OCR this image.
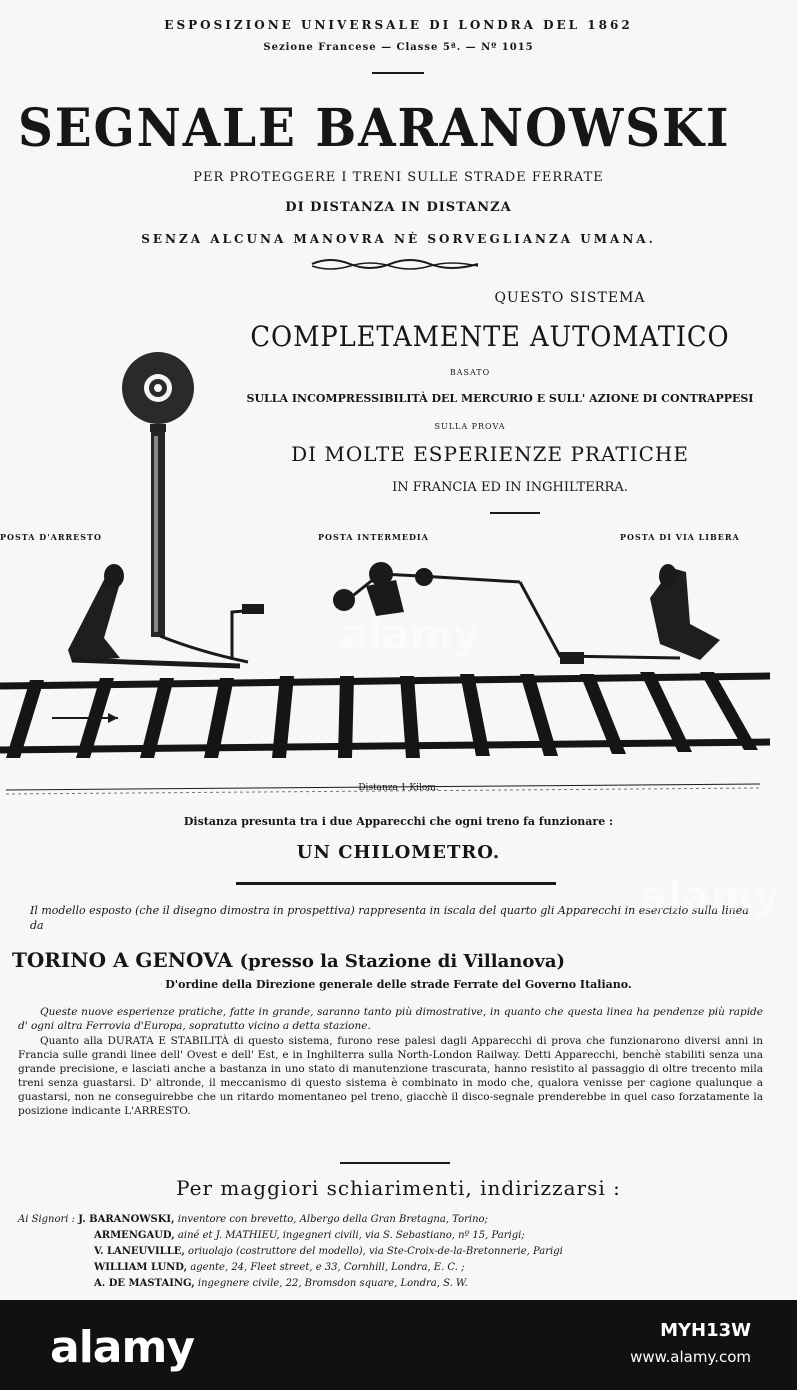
ESPOSIZIONE UNIVERSALE DI LONDRA DEL 1862
Sezione Francese — Classe 5ª. — Nº 1015
SEGNALE BARANOWSKI
PER PROTEGGERE I TRENI SULLE STRADE FERRATE
DI DISTANZA IN DISTANZA
SENZA ALCUNA MANOVRA NÈ SORVEGLIANZA UMANA.
QUESTO SISTEMA
COMPLETAMENTE AUTOMATICO
BASATO
SULLA INCOMPRESSIBILITÀ DEL MERCURIO E SULL' AZIONE DI CONTRAPPESI
SULLA PROVA
DI MOLTE ESPERIENZE PRATICHE
IN FRANCIA ED IN INGHILTERRA.
POSTA D'ARRESTO	POSTA INTERMEDIA	POSTA DI VIA LIBERA
Distanza 1 Kilom.
Distanza presunta tra i due Apparecchi che ogni treno fa funzionare :
UN CHILOMETRO.
Il modello esposto (che il disegno dimostra in prospettiva) rappresenta in iscala del quarto gli Apparecchi in esercizio sulla linea da
TORINO A GENOVA (presso la Stazione di Villanova)
D'ordine della Direzione generale delle strade Ferrate del Governo Italiano.
Queste nuove esperienze pratiche, fatte in grande, saranno tanto più dimostrative, in quanto che questa linea ha pendenze più rapide d' ogni altra Ferrovia d'Europa, sopratutto vicino a detta stazione.
Quanto alla DURATA E STABILITÀ di questo sistema, furono rese palesi dagli Apparecchi di prova che funzionarono diversi anni in Francia sulle grandi linee dell' Ovest e dell' Est, e in Inghilterra sulla North-London Railway. Detti Apparecchi, benchè stabiliti senza una grande precisione, e lasciati anche a bastanza in uno stato di manutenzione trascurata, hanno resistito al passaggio di oltre trecento mila treni senza guastarsi. D' altronde, il meccanismo di questo sistema è combinato in modo che, qualora venisse per cagione qualunque a guastarsi, non ne conseguirebbe che un ritardo momentaneo pel treno, giacchè il disco-segnale prenderebbe in quel caso forzatamente la posizione indicante L'ARRESTO.
Per maggiori schiarimenti, indirizzarsi :
Ai Signori : J. BARANOWSKI, inventore con brevetto, Albergo della Gran Bretagna, Torino;
ARMENGAUD, ainé et J. MATHIEU, ingegneri civili, via S. Sebastiano, nº 15, Parigi;
V. LANEUVILLE, oriuolajo (costruttore del modello), via Ste-Croix-de-la-Bretonnerie, Parigi
WILLIAM LUND, agente, 24, Fleet street, e 33, Cornhill, Londra, E. C. ;
A. DE MASTAING, ingegnere civile, 22, Bromsdon square, Londra, S. W.
alamy
alamy
alamy	MYH13W
www.alamy.com
